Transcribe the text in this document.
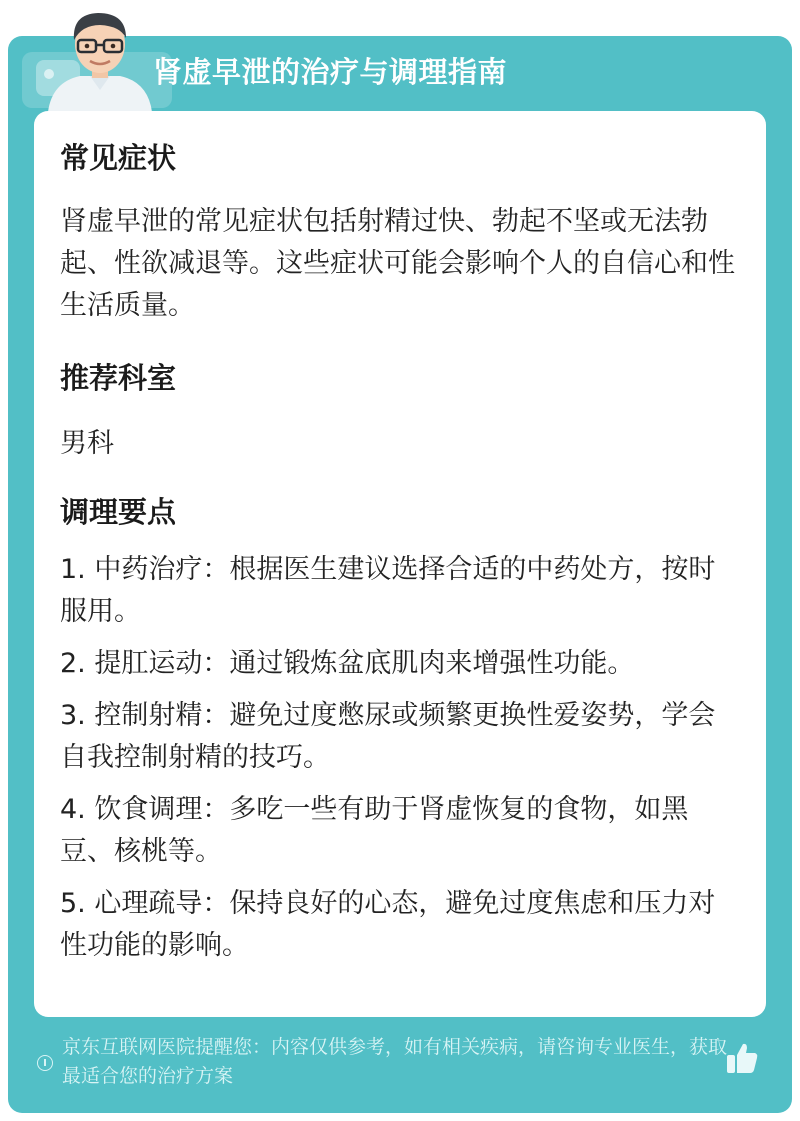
肾虚早泄的治疗与调理指南
常见症状

肾虚早泄的常见症状包括射精过快、勃起不坚或无法勃起、性欲减退等。这些症状可能会影响个人的自信心和性生活质量。

推荐科室

男科

调理要点
1. 中药治疗：根据医生建议选择合适的中药处方，按时服用。
2. 提肛运动：通过锻炼盆底肌肉来增强性功能。
3. 控制射精：避免过度憋尿或频繁更换性爱姿势，学会自我控制射精的技巧。
4. 饮食调理：多吃一些有助于肾虚恢复的食物，如黑豆、核桃等。
5. 心理疏导：保持良好的心态，避免过度焦虑和压力对性功能的影响。
京东互联网医院提醒您：内容仅供参考，如有相关疾病，请咨询专业医生，获取最适合您的治疗方案
